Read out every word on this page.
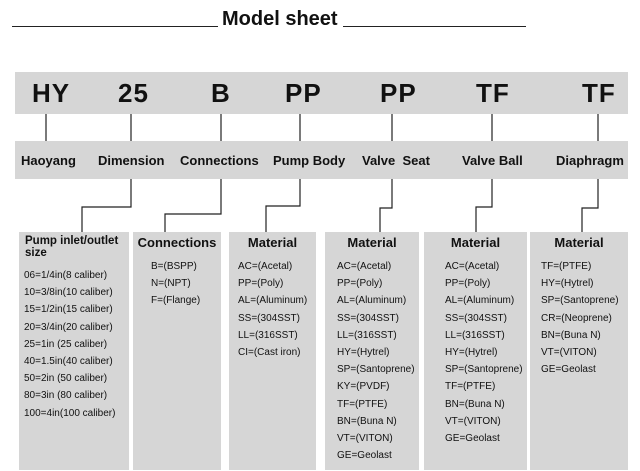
Model sheet
HY 25 B PP PP TF	TF
Haoyang Dimension Connections Pump Body Valve  Seat Valve Ball	Diaphragm
Pump inlet/outlet size
06=1/4in(8 caliber)
10=3/8in(10 caliber)
15=1/2in(15 caliber)
20=3/4in(20 caliber)
25=1in (25 caliber)
40=1.5in(40 caliber)
50=2in (50 caliber)
80=3in (80 caliber)
100=4in(100 caliber)
Connections
B=(BSPP)
N=(NPT)
F=(Flange)
Material
AC=(Acetal)
PP=(Poly)
AL=(Aluminum)
SS=(304SST)
LL=(316SST)
CI=(Cast iron)
Material
AC=(Acetal)
PP=(Poly)
AL=(Aluminum)
SS=(304SST)
LL=(316SST)
HY=(Hytrel)
SP=(Santoprene)
KY=(PVDF)
TF=(PTFE)
BN=(Buna N)
VT=(VITON)
GE=Geolast
Material
AC=(Acetal)
PP=(Poly)
AL=(Aluminum)
SS=(304SST)
LL=(316SST)
HY=(Hytrel)
SP=(Santoprene)
TF=(PTFE)
BN=(Buna N)
VT=(VITON)
GE=Geolast
Material
TF=(PTFE)
HY=(Hytrel)
SP=(Santoprene)
CR=(Neoprene)
BN=(Buna N)
VT=(VITON)
GE=Geolast
